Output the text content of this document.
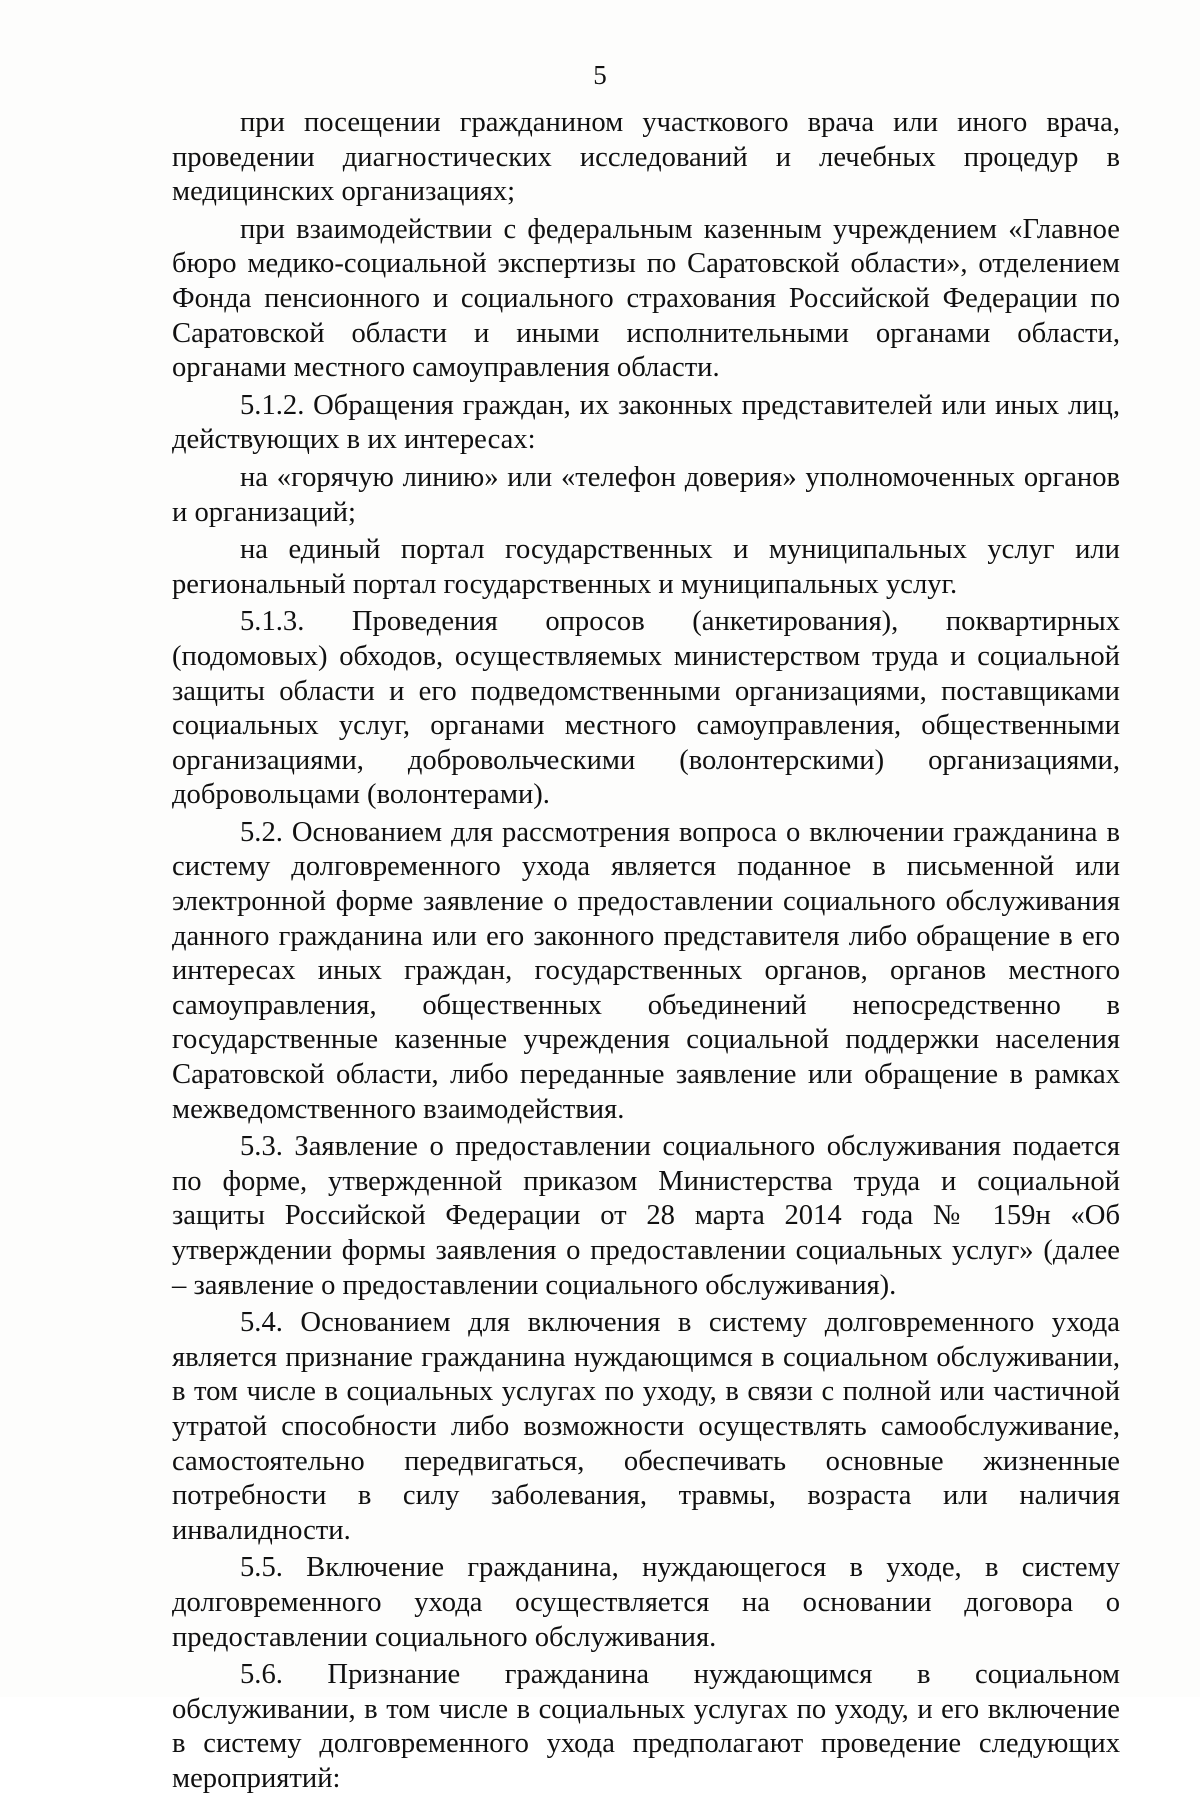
5

при посещении гражданином участкового врача или иного врача, проведении диагностических исследований и лечебных процедур в медицинских организациях;

при взаимодействии с федеральным казенным учреждением «Главное бюро медико-социальной экспертизы по Саратовской области», отделением Фонда пенсионного и социального страхования Российской Федерации по Саратовской области и иными исполнительными органами области, органами местного самоуправления области.

5.1.2. Обращения граждан, их законных представителей или иных лиц, действующих в их интересах:

на «горячую линию» или «телефон доверия» уполномоченных органов и организаций;

на единый портал государственных и муниципальных услуг или региональный портал государственных и муниципальных услуг.

5.1.3. Проведения опросов (анкетирования), поквартирных (подомовых) обходов, осуществляемых министерством труда и социальной защиты области и его подведомственными организациями, поставщиками социальных услуг, органами местного самоуправления, общественными организациями, добровольческими (волонтерскими) организациями, добровольцами (волонтерами).

5.2. Основанием для рассмотрения вопроса о включении гражданина в систему долговременного ухода является поданное в письменной или электронной форме заявление о предоставлении социального обслуживания данного гражданина или его законного представителя либо обращение в его интересах иных граждан, государственных органов, органов местного самоуправления, общественных объединений непосредственно в государственные казенные учреждения социальной поддержки населения Саратовской области, либо переданные заявление или обращение в рамках межведомственного взаимодействия.

5.3. Заявление о предоставлении социального обслуживания подается по форме, утвержденной приказом Министерства труда и социальной защиты Российской Федерации от 28 марта 2014 года № 159н «Об утверждении формы заявления о предоставлении социальных услуг» (далее – заявление о предоставлении социального обслуживания).

5.4. Основанием для включения в систему долговременного ухода является признание гражданина нуждающимся в социальном обслуживании, в том числе в социальных услугах по уходу, в связи с полной или частичной утратой способности либо возможности осуществлять самообслуживание, самостоятельно передвигаться, обеспечивать основные жизненные потребности в силу заболевания, травмы, возраста или наличия инвалидности.

5.5. Включение гражданина, нуждающегося в уходе, в систему долговременного ухода осуществляется на основании договора о предоставлении социального обслуживания.

5.6. Признание гражданина нуждающимся в социальном обслуживании, в том числе в социальных услугах по уходу, и его включение в систему долговременного ухода предполагают проведение следующих мероприятий:
